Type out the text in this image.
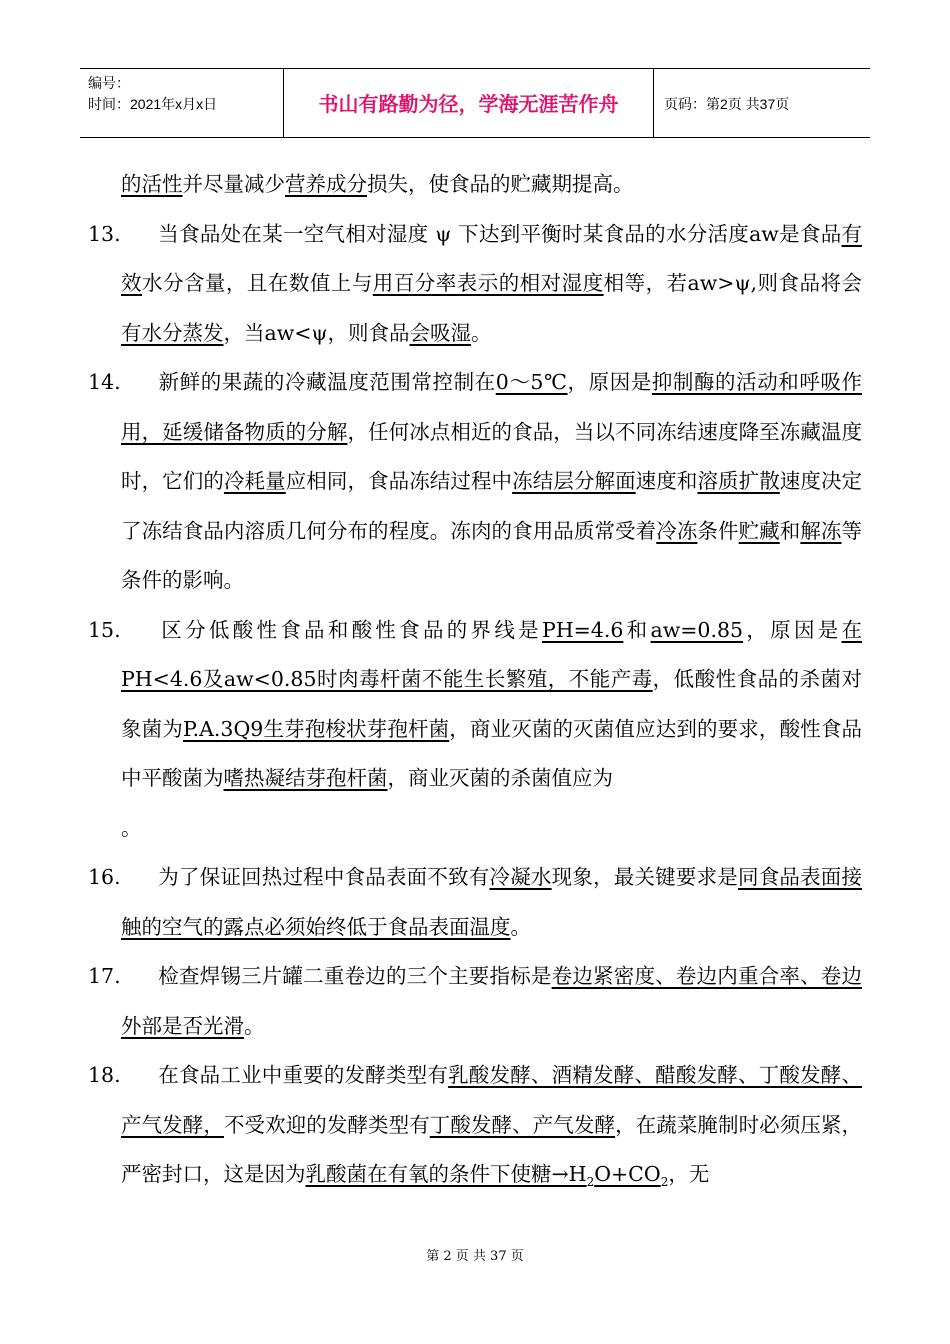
编号：
时间：2021年x月x日	书山有路勤为径，学海无涯苦作舟	页码：第2页 共37页

的活性并尽量减少营养成分损失，使食品的贮藏期提高。

13. 当食品处在某一空气相对湿度 ψ 下达到平衡时某食品的水分活度aw是食品有效水分含量，且在数值上与用百分率表示的相对湿度相等，若aw>ψ,则食品将会有水分蒸发，当aw<ψ，则食品会吸湿。

14. 新鲜的果蔬的冷藏温度范围常控制在0～5℃，原因是抑制酶的活动和呼吸作用，延缓储备物质的分解，任何冰点相近的食品，当以不同冻结速度降至冻藏温度时，它们的冷耗量应相同，食品冻结过程中冻结层分解面速度和溶质扩散速度决定了冻结食品内溶质几何分布的程度。冻肉的食用品质常受着冷冻条件贮藏和解冻等条件的影响。

15. 区分低酸性食品和酸性食品的界线是PH=4.6和aw=0.85，原因是在PH<4.6及aw<0.85时肉毒杆菌不能生长繁殖，不能产毒，低酸性食品的杀菌对象菌为P.A.3Q9生芽孢梭状芽孢杆菌，商业灭菌的灭菌值应达到的要求，酸性食品中平酸菌为嗜热凝结芽孢杆菌，商业灭菌的杀菌值应为
。

16. 为了保证回热过程中食品表面不致有冷凝水现象，最关键要求是同食品表面接触的空气的露点必须始终低于食品表面温度。

17. 检查焊锡三片罐二重卷边的三个主要指标是卷边紧密度、卷边内重合率、卷边外部是否光滑。

18. 在食品工业中重要的发酵类型有乳酸发酵、酒精发酵、醋酸发酵、丁酸发酵、产气发酵，不受欢迎的发酵类型有丁酸发酵、产气发酵，在蔬菜腌制时必须压紧，严密封口，这是因为乳酸菌在有氧的条件下使糖$\to H_2O+CO_2$，无

第 2 页 共 37 页
